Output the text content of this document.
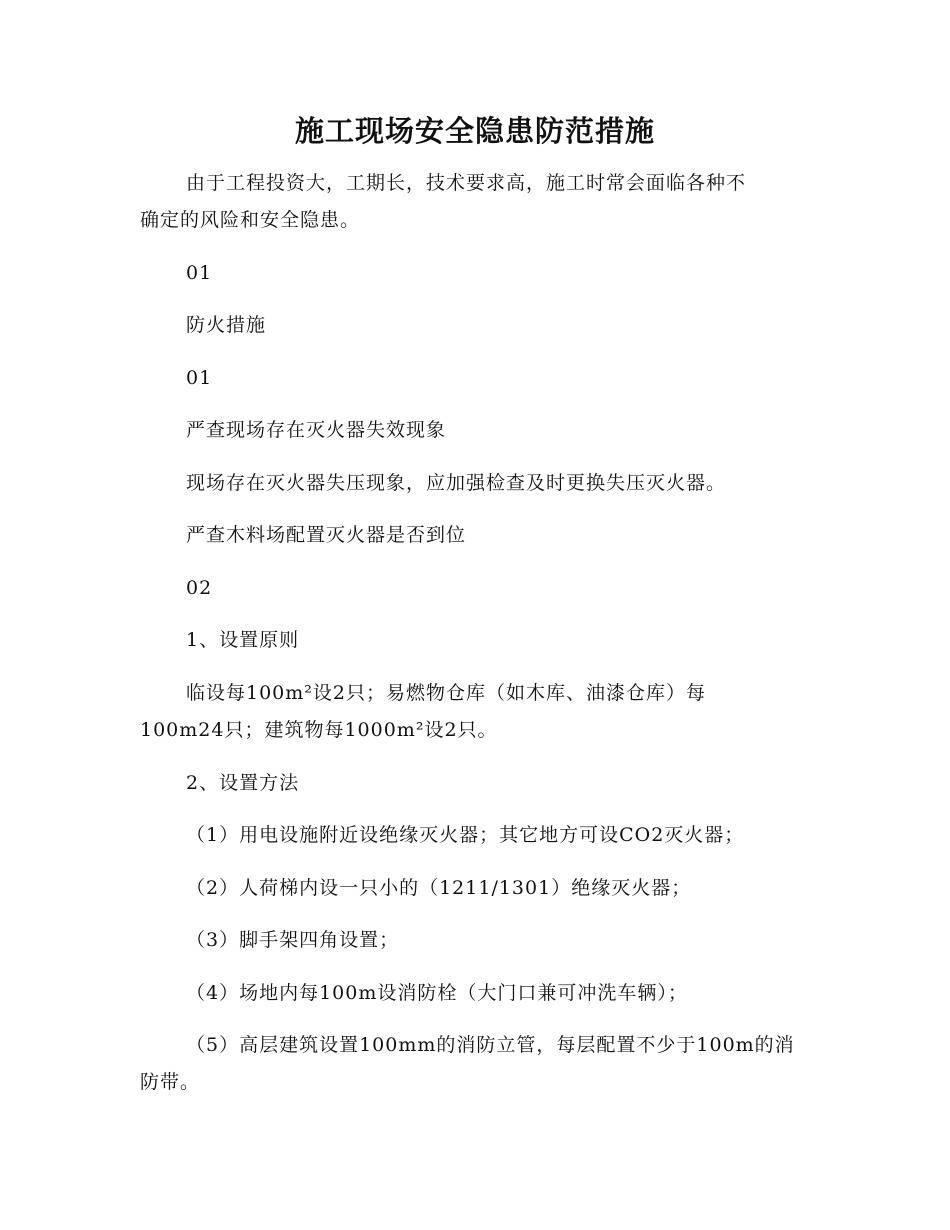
施工现场安全隐患防范措施

由于工程投资大，工期长，技术要求高，施工时常会面临各种不

确定的风险和安全隐患。

01

防火措施

01

严查现场存在灭火器失效现象

现场存在灭火器失压现象，应加强检查及时更换失压灭火器。

严查木料场配置灭火器是否到位

02

1、设置原则

临设每100m²设2只；易燃物仓库（如木库、油漆仓库）每

100m24只；建筑物每1000m²设2只。

2、设置方法

（1）用电设施附近设绝缘灭火器；其它地方可设CO2灭火器；

（2）人荷梯内设一只小的（1211/1301）绝缘灭火器；

（3）脚手架四角设置；

（4）场地内每100m设消防栓（大门口兼可冲洗车辆）；

（5）高层建筑设置100mm的消防立管，每层配置不少于100m的消

防带。
